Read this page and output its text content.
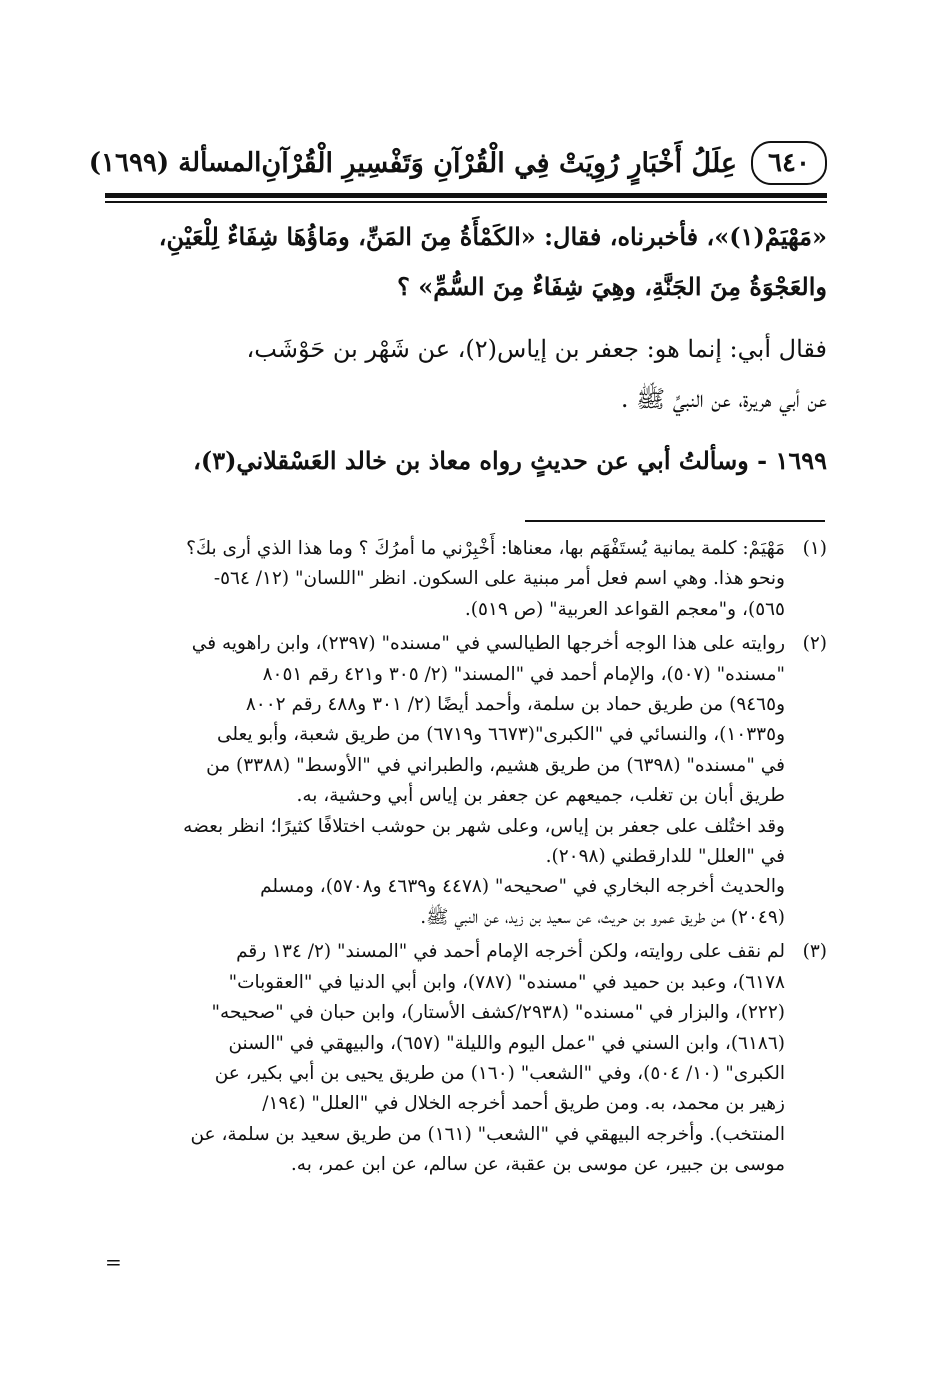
٦٤٠
عِلَلُ أَخْبَارٍ رُوِيَتْ فِي الْقُرْآنِ وَتَفْسِيرِ الْقُرْآنِ
المسألة (١٦٩٩)

«مَهْيَمْ(١)»، فأخبرناه، فقال: «الكَمْأَةُ مِنَ المَنِّ، ومَاؤُهَا شِفَاءٌ لِلْعَيْنِ،

والعَجْوَةُ مِنَ الجَنَّةِ، وهِيَ شِفَاءٌ مِنَ السُّمِّ» ؟

فقال أبي: إنما هو: جعفر بن إياس(٢)، عن شَهْر بن حَوْشَب،

عن أبي هريرة، عن النبيِّ ﷺ .

١٦٩٩ - وسألتُ أبي عن حديثٍ رواه معاذ بن خالد العَسْقلاني(٣)،

(١)

مَهْيَمْ: كلمة يمانية يُستَفْهَم بها، معناها: أَخْبِرْني ما أمرُكَ ؟ وما هذا الذي أرى بكَ؟

ونحو هذا. وهي اسم فعل أمر مبنية على السكون. انظر "اللسان" (١٢/ ٥٦٤-

٥٦٥)، و"معجم القواعد العربية" (ص ٥١٩).

(٢)

روايته على هذا الوجه أخرجها الطيالسي في "مسنده" (٢٣٩٧)، وابن راهويه في

"مسنده" (٥٠٧)، والإمام أحمد في "المسند" (٢/ ٣٠٥ و٤٢١ رقم ٨٠٥١

و٩٤٦٥) من طريق حماد بن سلمة، وأحمد أيضًا (٢/ ٣٠١ و٤٨٨ رقم ٨٠٠٢

و١٠٣٣٥)، والنسائي في "الكبرى"(٦٦٧٣ و٦٧١٩) من طريق شعبة، وأبو يعلى

في "مسنده" (٦٣٩٨) من طريق هشيم، والطبراني في "الأوسط" (٣٣٨٨) من

طريق أبان بن تغلب، جميعهم عن جعفر بن إياس أبي وحشية، به.

وقد اختُلف على جعفر بن إياس، وعلى شهر بن حوشب اختلافًا كثيرًا؛ انظر بعضه

في "العلل" للدارقطني (٢٠٩٨).

والحديث أخرجه البخاري في "صحيحه" (٤٤٧٨ و٤٦٣٩ و٥٧٠٨)، ومسلم

(٢٠٤٩) من طريق عمرو بن حريث، عن سعيد بن زيد، عن النبي ﷺ.

(٣)

لم نقف على روايته، ولكن أخرجه الإمام أحمد في "المسند" (٢/ ١٣٤ رقم

٦١٧٨)، وعبد بن حميد في "مسنده" (٧٨٧)، وابن أبي الدنيا في "العقوبات"

(٢٢٢)، والبزار في "مسنده" (٢٩٣٨/كشف الأستار)، وابن حبان في "صحيحه"

(٦١٨٦)، وابن السني في "عمل اليوم والليلة" (٦٥٧)، والبيهقي في "السنن

الكبرى" (١٠/ ٥٠٤)، وفي "الشعب" (١٦٠) من طريق يحيى بن أبي بكير، عن

زهير بن محمد، به. ومن طريق أحمد أخرجه الخلال في "العلل" (١٩٤/

المنتخب). وأخرجه البيهقي في "الشعب" (١٦١) من طريق سعيد بن سلمة، عن

موسى بن جبير، عن موسى بن عقبة، عن سالم، عن ابن عمر، به.

=
